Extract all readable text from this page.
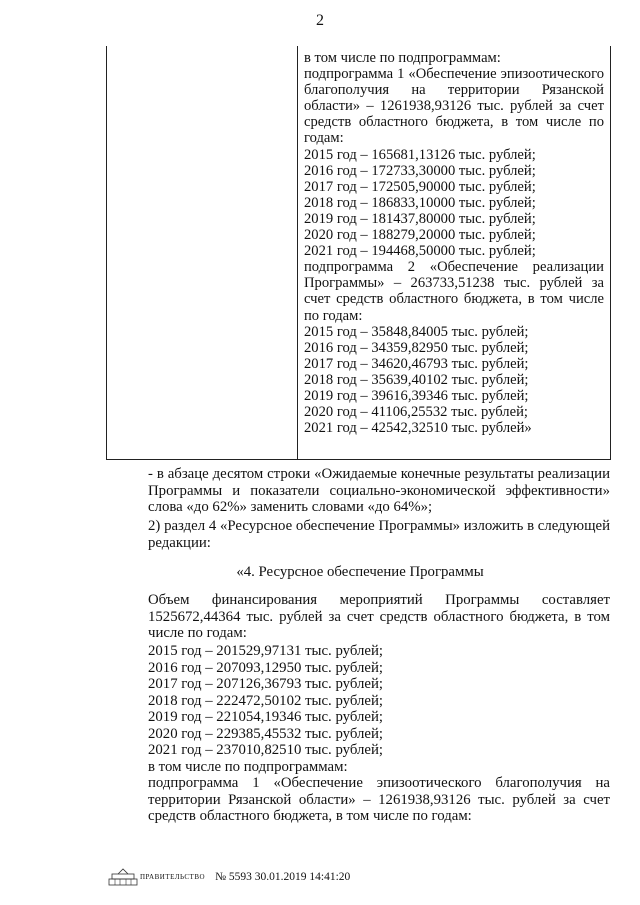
2
в том числе по подпрограммам:
подпрограмма 1 «Обеспечение эпизоотического благополучия на территории Рязанской области» – 1261938,93126 тыс. рублей за счет средств областного бюджета, в том числе по годам:
2015 год – 165681,13126 тыс. рублей;
2016 год – 172733,30000 тыс. рублей;
2017 год – 172505,90000 тыс. рублей;
2018 год – 186833,10000 тыс. рублей;
2019 год – 181437,80000 тыс. рублей;
2020 год – 188279,20000 тыс. рублей;
2021 год – 194468,50000 тыс. рублей;
подпрограмма 2 «Обеспечение реализации Программы» – 263733,51238 тыс. рублей за счет средств областного бюджета, в том числе по годам:
2015 год – 35848,84005 тыс. рублей;
2016 год – 34359,82950 тыс. рублей;
2017 год – 34620,46793 тыс. рублей;
2018 год – 35639,40102 тыс. рублей;
2019 год – 39616,39346 тыс. рублей;
2020 год – 41106,25532 тыс. рублей;
2021 год – 42542,32510 тыс. рублей»
- в абзаце десятом строки «Ожидаемые конечные результаты реализации Программы и показатели социально-экономической эффективности» слова «до 62%» заменить словами «до 64%»;
2) раздел 4 «Ресурсное обеспечение Программы» изложить в следующей редакции:
«4. Ресурсное обеспечение Программы
Объем финансирования мероприятий Программы составляет 1525672,44364 тыс. рублей за счет средств областного бюджета, в том числе по годам:
2015 год – 201529,97131 тыс. рублей;
2016 год – 207093,12950 тыс. рублей;
2017 год – 207126,36793 тыс. рублей;
2018 год – 222472,50102 тыс. рублей;
2019 год – 221054,19346 тыс. рублей;
2020 год – 229385,45532 тыс. рублей;
2021 год – 237010,82510 тыс. рублей;
в том числе по подпрограммам:
подпрограмма 1 «Обеспечение эпизоотического благополучия на территории Рязанской области» – 1261938,93126 тыс. рублей за счет средств областного бюджета, в том числе по годам:
ПРАВИТЕЛЬСТВО № 5593 30.01.2019 14:41:20
